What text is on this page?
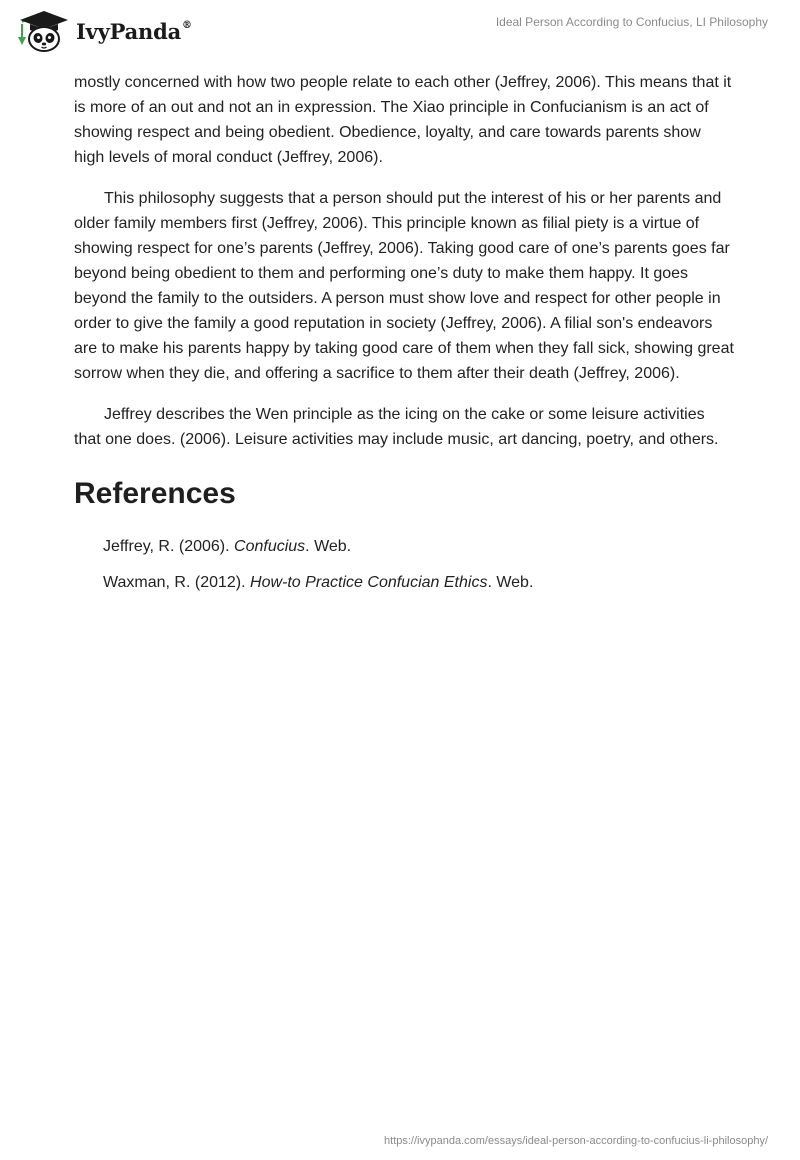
IvyPanda®	Ideal Person According to Confucius, LI Philosophy

mostly concerned with how two people relate to each other (Jeffrey, 2006). This means that it is more of an out and not an in expression. The Xiao principle in Confucianism is an act of showing respect and being obedient. Obedience, loyalty, and care towards parents show high levels of moral conduct (Jeffrey, 2006).

This philosophy suggests that a person should put the interest of his or her parents and older family members first (Jeffrey, 2006). This principle known as filial piety is a virtue of showing respect for one’s parents (Jeffrey, 2006). Taking good care of one’s parents goes far beyond being obedient to them and performing one’s duty to make them happy. It goes beyond the family to the outsiders. A person must show love and respect for other people in order to give the family a good reputation in society (Jeffrey, 2006). A filial son's endeavors are to make his parents happy by taking good care of them when they fall sick, showing great sorrow when they die, and offering a sacrifice to them after their death (Jeffrey, 2006).

Jeffrey describes the Wen principle as the icing on the cake or some leisure activities that one does. (2006). Leisure activities may include music, art dancing, poetry, and others.

References

Jeffrey, R. (2006). Confucius. Web.

Waxman, R. (2012). How-to Practice Confucian Ethics. Web.

https://ivypanda.com/essays/ideal-person-according-to-confucius-li-philosophy/
